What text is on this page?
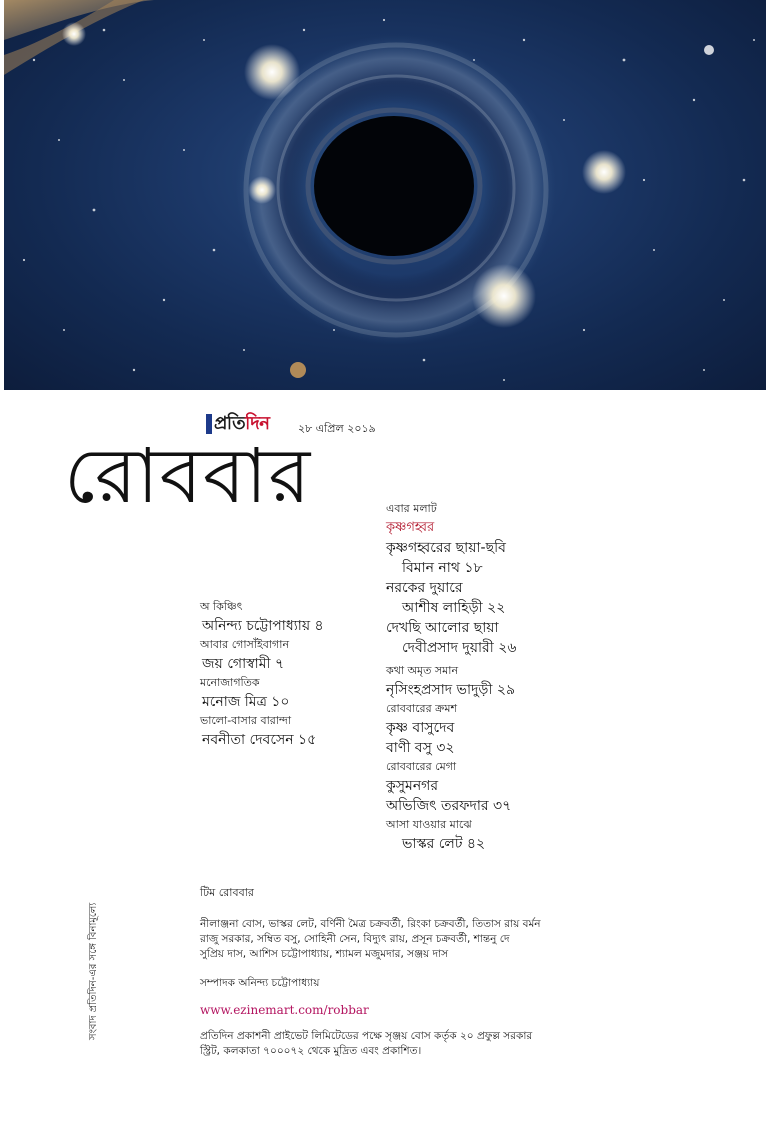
প্রতি দিন	২৮ এপ্রিল ২০১৯
রোববার	এবার মলাট
কৃষ্ণগহ্বর
কৃষ্ণগহ্বরের ছায়া-ছবি
বিমান নাথ ১৮
নরকের দুয়ারে
আশীষ লাহিড়ী ২২
দেখছি আলোর ছায়া
দেবীপ্রসাদ দুয়ারী ২৬
কথা অমৃত সমান
নৃসিংহপ্রসাদ ভাদুড়ী ২৯
রোববারের ক্রমশ
কৃষ্ণ বাসুদেব
বাণী বসু ৩২
রোববারের মেগা
কুসুমনগর
অভিজিৎ তরফদার ৩৭
আসা যাওয়ার মাঝে
ভাস্কর লেট ৪২
অ কিঞ্চিৎ
অনিন্দ্য চট্টোপাধ্যায় ৪
আবার গোসাঁইবাগান
জয় গোস্বামী ৭
মনোজাগতিক
মনোজ মিত্র ১০
ভালো-বাসার বারান্দা
নবনীতা দেবসেন ১৫
সংবাদ প্রতিদিন-এর সঙ্গে বিনামূল্যে
টিম রোববার
নীলাঞ্জনা বোস, ভাস্কর লেট, বর্ণিনী মৈত্র চক্রবর্তী, রিংকা চক্রবর্তী, তিতাস রায় বর্মন
রাজু সরকার, সম্বিত বসু, সোহিনী সেন, বিদ্যুৎ রায়, প্রসূন চক্রবর্তী, শান্তনু দে
সুপ্রিয় দাস, আশিস চট্টোপাধ্যায়, শ্যামল মজুমদার, সঞ্জয় দাস
সম্পাদক অনিন্দ্য চট্টোপাধ্যায়
www.ezinemart.com/robbar
প্রতিদিন প্রকাশনী প্রাইভেট লিমিটেডের পক্ষে সৃঞ্জয় বোস কর্তৃক ২০ প্রফুল্ল সরকার
স্ট্রিট, কলকাতা ৭০০০৭২ থেকে মুদ্রিত এবং প্রকাশিত।
